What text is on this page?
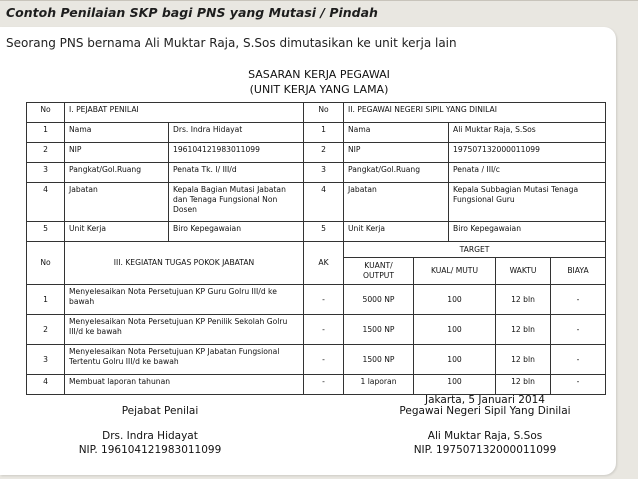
Contoh Penilaian SKP bagi PNS yang Mutasi / Pindah
Seorang PNS bernama Ali Muktar Raja, S.Sos dimutasikan ke unit kerja lain
SASARAN KERJA PEGAWAI
(UNIT KERJA YANG LAMA)
No	I. PEJABAT PENILAI		No	II. PEGAWAI NEGERI SIPIL YANG DINILAI				
1	Nama	Drs. Indra Hidayat	1	Nama		Ali Muktar Raja, S.Sos		
2	NIP	196104121983011099	2	NIP		197507132000011099		
3	Pangkat/Gol.Ruang	Penata Tk. I/ III/d	3	Pangkat/Gol.Ruang		Penata / III/c		
4	Jabatan	Kepala Bagian Mutasi Jabatan dan Tenaga Fungsional Non Dosen	4	Jabatan		Kepala Subbagian Mutasi Tenaga Fungsional Guru		
5	Unit Kerja	Biro Kepegawaian	5	Unit Kerja		Biro Kepegawaian		
No	III. KEGIATAN TUGAS POKOK JABATAN		AK	TARGET				
				KUANT/ OUTPUT	KUAL/ MUTU		WAKTU	BIAYA
1	Menyelesaikan Nota Persetujuan KP Guru Golru III/d ke bawah		-	5000 NP	100		12 bln	-
2	Menyelesaikan Nota Persetujuan KP Penilik Sekolah Golru III/d ke bawah		-	1500 NP	100		12 bln	-
3	Menyelesaikan Nota Persetujuan KP Jabatan Fungsional Tertentu Golru III/d ke bawah		-	1500 NP	100		12 bln	-
4	Membuat laporan tahunan		-	1 laporan	100		12 bln	-
Jakarta, 5 Januari 2014
Pejabat Penilai	Pegawai Negeri Sipil Yang Dinilai
Drs. Indra Hidayat	Ali Muktar Raja, S.Sos
NIP. 196104121983011099	NIP. 197507132000011099
